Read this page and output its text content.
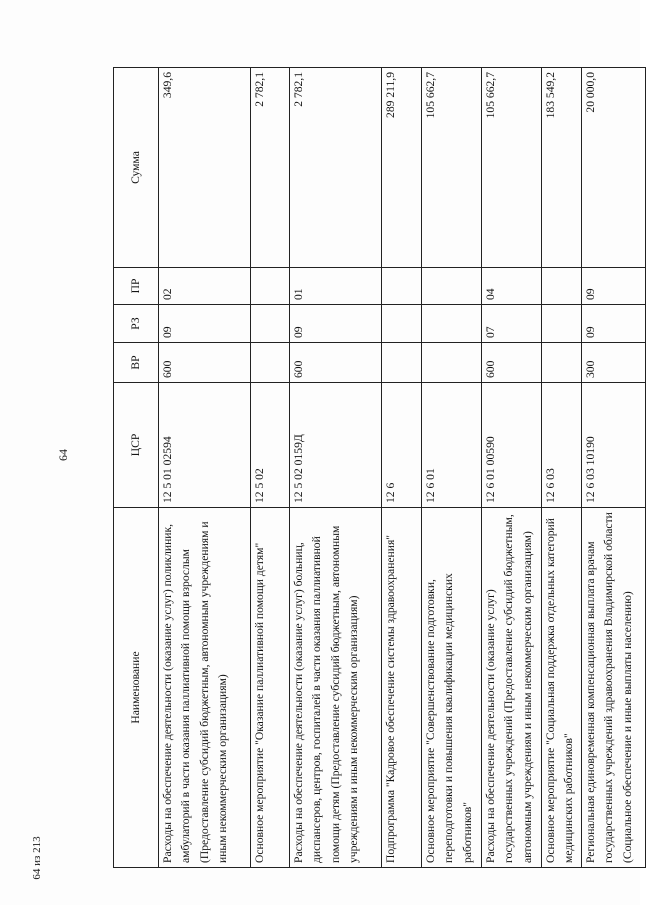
64
Наименование	ЦСР	ВР	РЗ	ПР	Сумма
Расходы на обеспечение деятельности (оказание услуг) поликлиник, амбулаторий в части оказания паллиативной помощи взрослым (Предоставление субсидий бюджетным, автономным учреждениям и иным некоммерческим организациям)	12 5 01 02594	600	09	02	349,6
Основное мероприятие "Оказание паллиативной помощи детям"	12 5 02				2 782,1
Расходы на обеспечение деятельности (оказание услуг) больниц, диспансеров, центров, госпиталей в части оказания паллиативной помощи детям (Предоставление субсидий бюджетным, автономным учреждениям и иным некоммерческим организациям)	12 5 02 0159Д	600	09	01	2 782,1
Подпрограмма "Кадровое обеспечение системы здравоохранения"	12 6				289 211,9
Основное мероприятие "Совершенствование подготовки, переподготовки и повышения квалификации медицинских работников"	12 6 01				105 662,7
Расходы на обеспечение деятельности (оказание услуг) государственных учреждений (Предоставление субсидий бюджетным, автономным учреждениям и иным некоммерческим организациям)	12 6 01 00590	600	07	04	105 662,7
Основное мероприятие "Социальная поддержка отдельных категорий медицинских работников"	12 6 03				183 549,2
Региональная единовременная компенсационная выплата врачам государственных учреждений здравоохранения Владимирской области (Социальное обеспечение и иные выплаты населению)	12 6 03 10190	300	09	09	20 000,0
64 из 213
